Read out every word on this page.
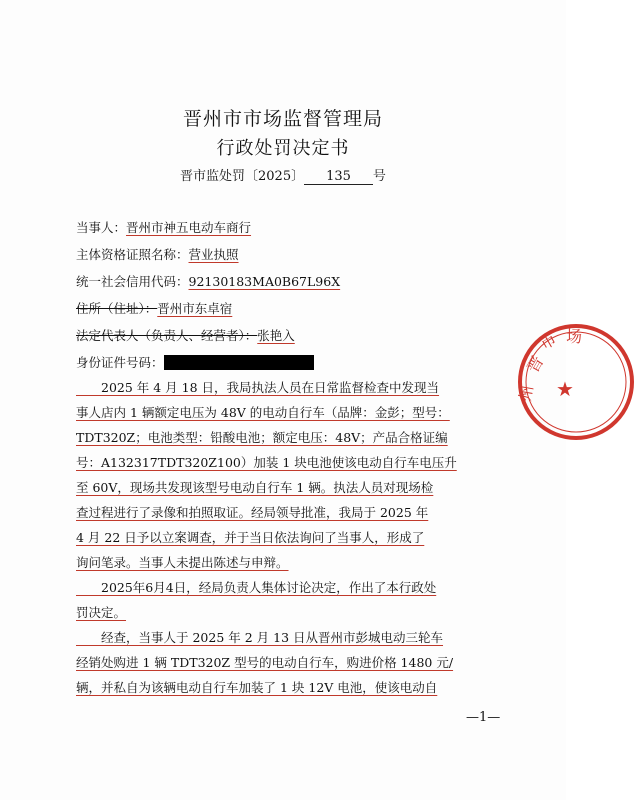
晋州市市场监督管理局
行政处罚决定书
晋市监处罚〔2025〕 135 号
当事人：晋州市神五电动车商行
主体资格证照名称：营业执照
统一社会信用代码：92130183MA0B67L96X
住所（住址）：晋州市东卓宿
法定代表人（负责人、经营者）：张艳入
身份证件号码：
　　2025 年 4 月 18 日，我局执法人员在日常监督检查中发现当
事人店内 1 辆额定电压为 48V 的电动自行车（品牌：金彭；型号：
TDT320Z；电池类型：铅酸电池；额定电压：48V；产品合格证编
号：A132317TDT320Z100）加装 1 块电池使该电动自行车电压升
至 60V，现场共发现该型号电动自行车 1 辆。执法人员对现场检
查过程进行了录像和拍照取证。经局领导批准，我局于 2025 年
4 月 22 日予以立案调查，并于当日依法询问了当事人，形成了
询问笔录。当事人未提出陈述与申辩。
　　2025年6月4日，经局负责人集体讨论决定，作出了本行政处
罚决定。
　　经查，当事人于 2025 年 2 月 13 日从晋州市彭城电动三轮车
经销处购进 1 辆 TDT320Z 型号的电动自行车，购进价格 1480 元/
辆，并私自为该辆电动自行车加装了 1 块 12V 电池，使该电动自
—1—
晋
州
市 场
★
